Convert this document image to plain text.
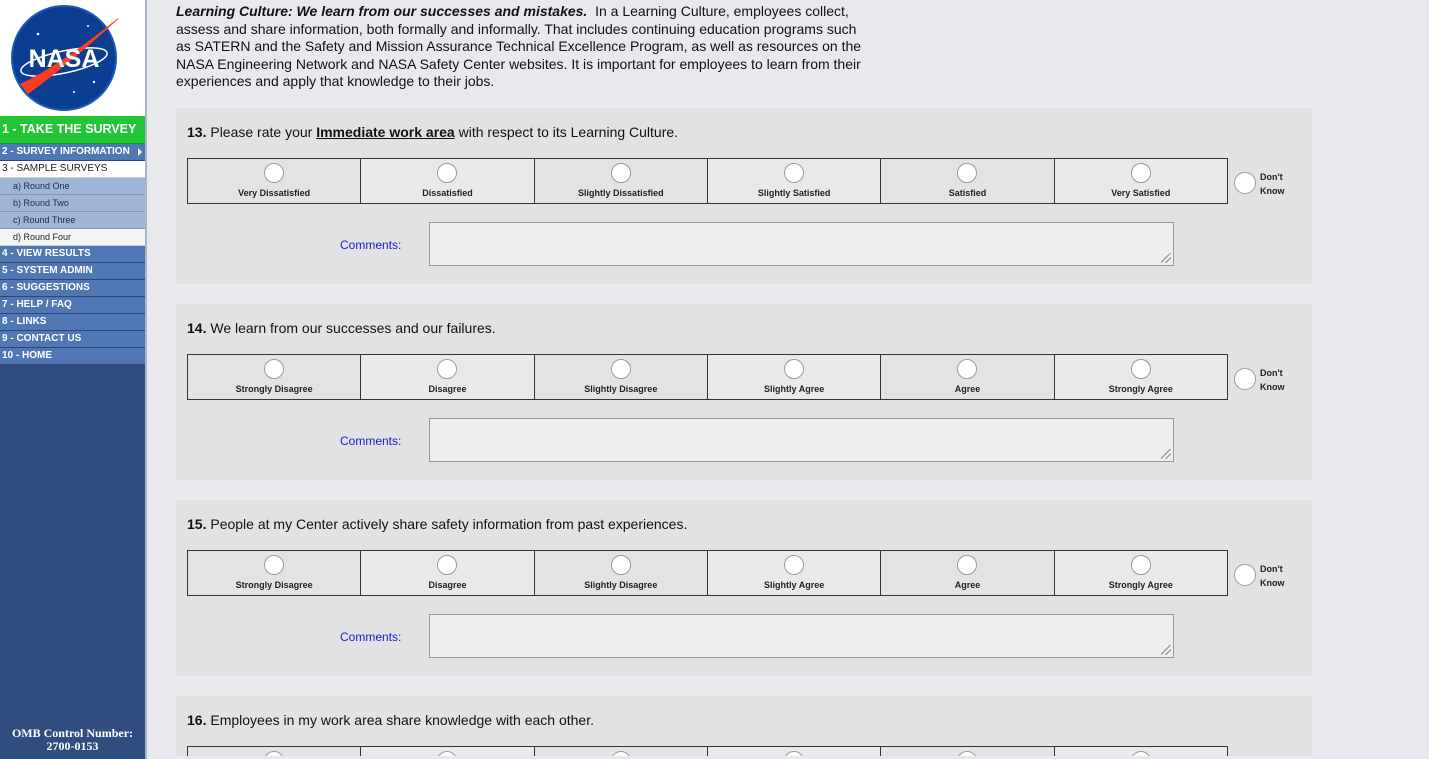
NASA
1 - TAKE THE SURVEY
2 - SURVEY INFORMATION
3 - SAMPLE SURVEYS
a) Round One
b) Round Two
c) Round Three
d) Round Four
4 - VIEW RESULTS
5 - SYSTEM ADMIN
6 - SUGGESTIONS
7 - HELP / FAQ
8 - LINKS
9 - CONTACT US
10 - HOME
OMB Control Number:
2700-0153
Learning Culture: We learn from our successes and mistakes. In a Learning Culture, employees collect, assess and share information, both formally and informally. That includes continuing education programs such as SATERN and the Safety and Mission Assurance Technical Excellence Program, as well as resources on the NASA Engineering Network and NASA Safety Center websites. It is important for employees to learn from their experiences and apply that knowledge to their jobs.
13. Please rate your Immediate work area with respect to its Learning Culture.
Very Dissatisfied	Dissatisfied	Slightly Dissatisfied	Slightly Satisfied	Satisfied	Very Satisfied
Don't
Know
Comments:
14. We learn from our successes and our failures.
Strongly Disagree	Disagree	Slightly Disagree	Slightly Agree	Agree	Strongly Agree
Don't
Know
Comments:
15. People at my Center actively share safety information from past experiences.
Strongly Disagree	Disagree	Slightly Disagree	Slightly Agree	Agree	Strongly Agree
Don't
Know
Comments:
16. Employees in my work area share knowledge with each other.
